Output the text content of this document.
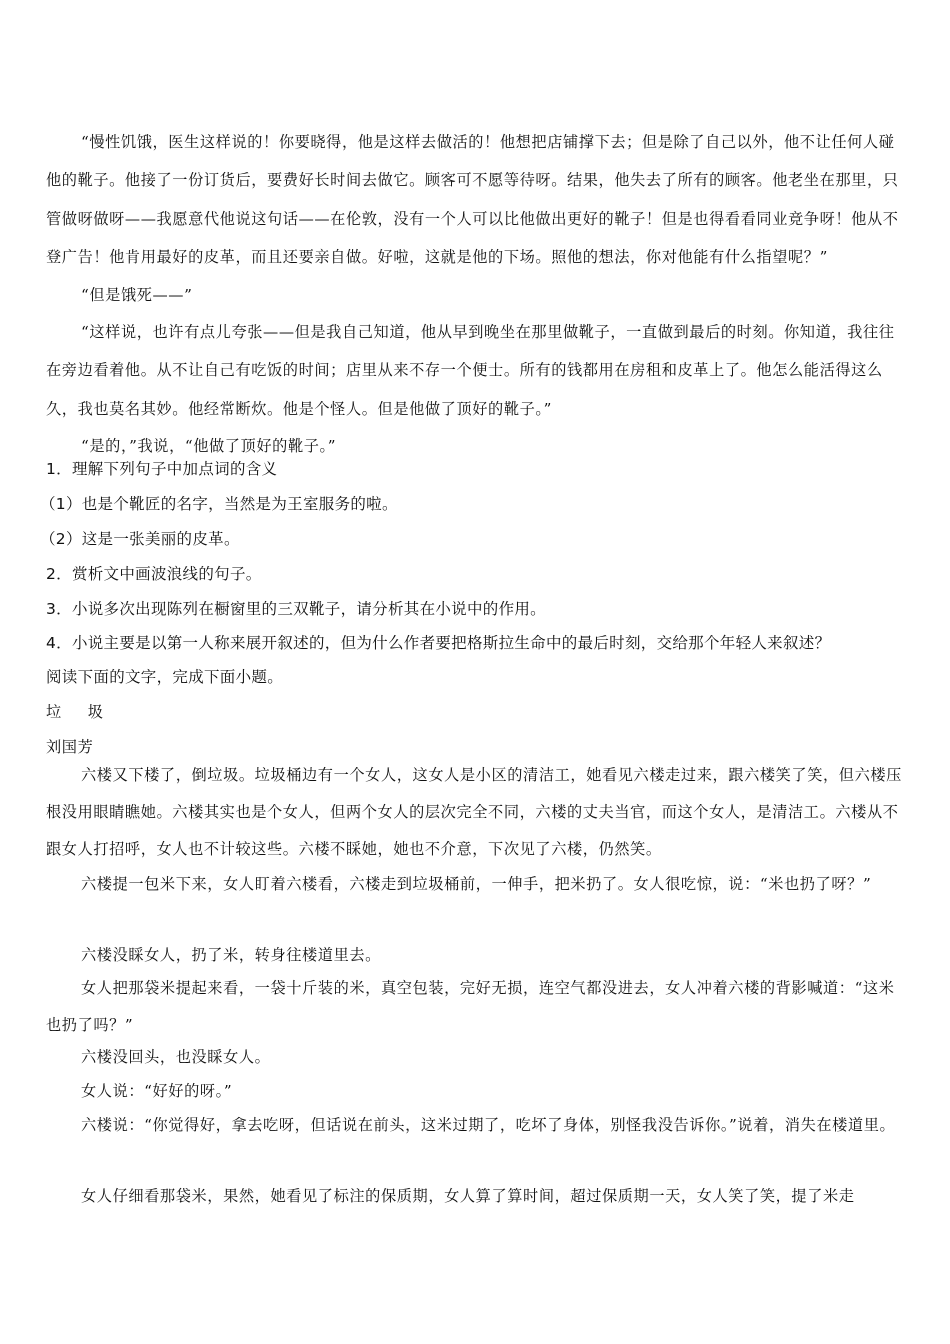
“慢性饥饿，医生这样说的！你要晓得，他是这样去做活的！他想把店铺撑下去；但是除了自己以外，他不让任何人碰他的靴子。他接了一份订货后，要费好长时间去做它。顾客可不愿等待呀。结果，他失去了所有的顾客。他老坐在那里，只管做呀做呀——我愿意代他说这句话——在伦敦，没有一个人可以比他做出更好的靴子！但是也得看看同业竞争呀！他从不登广告！他肯用最好的皮革，而且还要亲自做。好啦，这就是他的下场。照他的想法，你对他能有什么指望呢？”

“但是饿死——”

“这样说，也许有点儿夸张——但是我自己知道，他从早到晚坐在那里做靴子，一直做到最后的时刻。你知道，我往往在旁边看着他。从不让自己有吃饭的时间；店里从来不存一个便士。所有的钱都用在房租和皮革上了。他怎么能活得这么久，我也莫名其妙。他经常断炊。他是个怪人。但是他做了顶好的靴子。”

“是的，”我说，“他做了顶好的靴子。”

1．理解下列句子中加点词的含义

（1）也是个靴匠的名字，当然是为王室服务的啦。

（2）这是一张美丽的皮革。

2．赏析文中画波浪线的句子。

3．小说多次出现陈列在橱窗里的三双靴子，请分析其在小说中的作用。

4．小说主要是以第一人称来展开叙述的，但为什么作者要把格斯拉生命中的最后时刻，交给那个年轻人来叙述？

阅读下面的文字，完成下面小题。

垃 圾

刘国芳

六楼又下楼了，倒垃圾。垃圾桶边有一个女人，这女人是小区的清洁工，她看见六楼走过来，跟六楼笑了笑，但六楼压根没用眼睛瞧她。六楼其实也是个女人，但两个女人的层次完全不同，六楼的丈夫当官，而这个女人，是清洁工。六楼从不跟女人打招呼，女人也不计较这些。六楼不睬她，她也不介意，下次见了六楼，仍然笑。

六楼提一包米下来，女人盯着六楼看，六楼走到垃圾桶前，一伸手，把米扔了。女人很吃惊，说：“米也扔了呀？”

六楼没睬女人，扔了米，转身往楼道里去。

女人把那袋米提起来看，一袋十斤装的米，真空包装，完好无损，连空气都没进去，女人冲着六楼的背影喊道：“这米也扔了吗？”

六楼没回头，也没睬女人。

女人说：“好好的呀。”

六楼说：“你觉得好，拿去吃呀，但话说在前头，这米过期了，吃坏了身体，别怪我没告诉你。”说着，消失在楼道里。

女人仔细看那袋米，果然，她看见了标注的保质期，女人算了算时间，超过保质期一天，女人笑了笑，提了米走
